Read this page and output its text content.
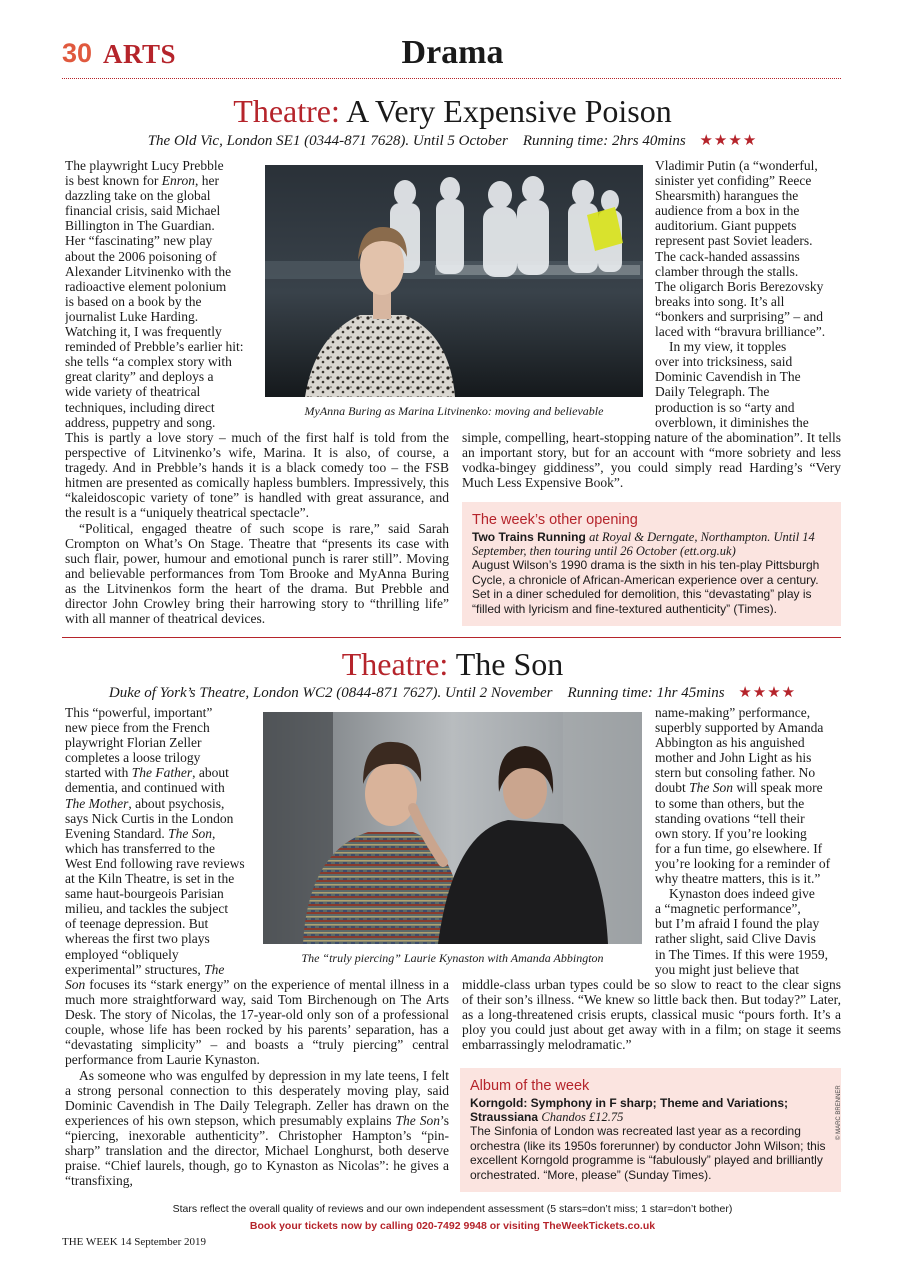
30 ARTS	Drama
Theatre: A Very Expensive Poison
The Old Vic, London SE1 (0344-871 7628). Until 5 October Running time: 2hrs 40mins ★★★★
MyAnna Buring as Marina Litvinenko: moving and believable
The playwright Lucy Prebble
is best known for Enron, her
dazzling take on the global
financial crisis, said Michael
Billington in The Guardian.
Her “fascinating” new play
about the 2006 poisoning of
Alexander Litvinenko with the
radioactive element polonium
is based on a book by the
journalist Luke Harding.
Watching it, I was frequently
reminded of Prebble’s earlier hit:
she tells “a complex story with
great clarity” and deploys a
wide variety of theatrical
techniques, including direct
address, puppetry and song.

This is partly a love story – much of the first half is told from the perspective of Litvinenko’s wife, Marina. It is also, of course, a tragedy. And in Prebble’s hands it is a black comedy too – the FSB hitmen are presented as comically hapless bumblers. Impressively, this “kaleidoscopic variety of tone” is handled with great assurance, and the result is a “uniquely theatrical spectacle”.

“Political, engaged theatre of such scope is rare,” said Sarah Crompton on What’s On Stage. Theatre that “presents its case with such flair, power, humour and emotional punch is rarer still”. Moving and believable performances from Tom Brooke and MyAnna Buring as the Litvinenkos form the heart of the drama. But Prebble and director John Crowley bring their harrowing story to “thrilling life” with all manner of theatrical devices.

Vladimir Putin (a “wonderful,
sinister yet confiding” Reece
Shearsmith) harangues the
audience from a box in the
auditorium. Giant puppets
represent past Soviet leaders.
The cack-handed assassins
clamber through the stalls.
The oligarch Boris Berezovsky
breaks into song. It’s all
“bonkers and surprising” – and
laced with “bravura brilliance”.
In my view, it topples
over into tricksiness, said
Dominic Cavendish in The
Daily Telegraph. The
production is so “arty and
overblown, it diminishes the

simple, compelling, heart-stopping nature of the abomination”. It tells an important story, but for an account with “more sobriety and less vodka-bingey giddiness”, you could simply read Harding’s “Very Much Less Expensive Book”.

The week’s other opening
Two Trains Running at Royal & Derngate, Northampton. Until 14 September, then touring until 26 October (ett.org.uk)
August Wilson’s 1990 drama is the sixth in his ten-play Pittsburgh Cycle, a chronicle of African-American experience over a century. Set in a diner scheduled for demolition, this “devastating” play is “filled with lyricism and fine-textured authenticity” (Times).
Theatre: The Son
Duke of York’s Theatre, London WC2 (0844-871 7627). Until 2 November Running time: 1hr 45mins ★★★★
The “truly piercing” Laurie Kynaston with Amanda Abbington
This “powerful, important”
new piece from the French
playwright Florian Zeller
completes a loose trilogy
started with The Father, about
dementia, and continued with
The Mother, about psychosis,
says Nick Curtis in the London
Evening Standard. The Son,
which has transferred to the
West End following rave reviews
at the Kiln Theatre, is set in the
same haut-bourgeois Parisian
milieu, and tackles the subject
of teenage depression. But
whereas the first two plays
employed “obliquely
experimental” structures, The

Son focuses its “stark energy” on the experience of mental illness in a much more straightforward way, said Tom Birchenough on The Arts Desk. The story of Nicolas, the 17-year-old only son of a professional couple, whose life has been rocked by his parents’ separation, has a “devastating simplicity” – and boasts a “truly piercing” central performance from Laurie Kynaston.

As someone who was engulfed by depression in my late teens, I felt a strong personal connection to this desperately moving play, said Dominic Cavendish in The Daily Telegraph. Zeller has drawn on the experiences of his own stepson, which presumably explains The Son’s “piercing, inexorable authenticity”. Christopher Hampton’s “pin-sharp” translation and the director, Michael Longhurst, both deserve praise. “Chief laurels, though, go to Kynaston as Nicolas”: he gives a “transfixing,

name-making” performance,
superbly supported by Amanda
Abbington as his anguished
mother and John Light as his
stern but consoling father. No
doubt The Son will speak more
to some than others, but the
standing ovations “tell their
own story. If you’re looking
for a fun time, go elsewhere. If
you’re looking for a reminder of
why theatre matters, this is it.”
Kynaston does indeed give
a “magnetic performance”,
but I’m afraid I found the play
rather slight, said Clive Davis
in The Times. If this were 1959,
you might just believe that

middle-class urban types could be so slow to react to the clear signs of their son’s illness. “We knew so little back then. But today?” Later, as a long-threatened crisis erupts, classical music “pours forth. It’s a ploy you could just about get away with in a film; on stage it seems embarrassingly melodramatic.”

Album of the week
Korngold: Symphony in F sharp; Theme and Variations; Straussiana Chandos £12.75
The Sinfonia of London was recreated last year as a recording orchestra (like its 1950s forerunner) by conductor John Wilson; this excellent Korngold programme is “fabulously” played and brilliantly orchestrated. “More, please” (Sunday Times).
© MARC BRENNER
Stars reflect the overall quality of reviews and our own independent assessment (5 stars=don’t miss; 1 star=don’t bother)
Book your tickets now by calling 020-7492 9948 or visiting TheWeekTickets.co.uk
THE WEEK 14 September 2019
